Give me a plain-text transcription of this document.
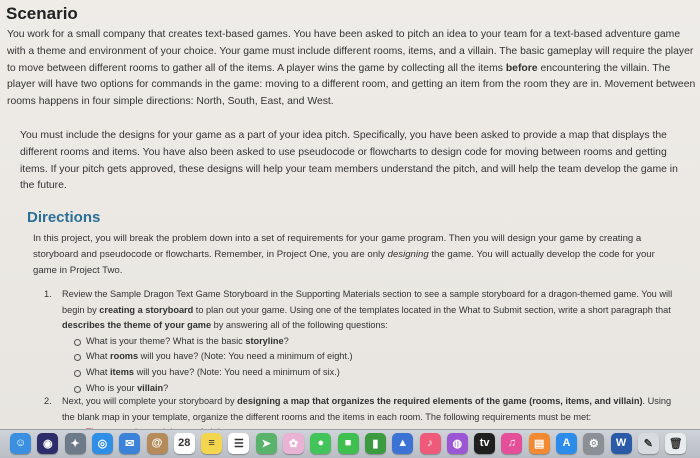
Scenario
You work for a small company that creates text-based games. You have been asked to pitch an idea to your team for a text-based adventure game with a theme and environment of your choice. Your game must include different rooms, items, and a villain. The basic gameplay will require the player to move between different rooms to gather all of the items. A player wins the game by collecting all the items before encountering the villain. The player will have two options for commands in the game: moving to a different room, and getting an item from the room they are in. Movement between rooms happens in four simple directions: North, South, East, and West.
You must include the designs for your game as a part of your idea pitch. Specifically, you have been asked to provide a map that displays the different rooms and items. You have also been asked to use pseudocode or flowcharts to design code for moving between rooms and getting items. If your pitch gets approved, these designs will help your team members understand the pitch, and will help the team develop the game in the future.
Directions
In this project, you will break the problem down into a set of requirements for your game program. Then you will design your game by creating a storyboard and pseudocode or flowcharts. Remember, in Project One, you are only designing the game. You will actually develop the code for your game in Project Two.
1. Review the Sample Dragon Text Game Storyboard in the Supporting Materials section to see a sample storyboard for a dragon-themed game. You will begin by creating a storyboard to plan out your game. Using one of the templates located in the What to Submit section, write a short paragraph that describes the theme of your game by answering all of the following questions:
What is your theme? What is the basic storyline?
What rooms will you have? (Note: You need a minimum of eight.)
What items will you have? (Note: You need a minimum of six.)
Who is your villain?
2. Next, you will complete your storyboard by designing a map that organizes the required elements of the game (rooms, items, and villain). Using the blank map in your template, organize the different rooms and the items in each room. The following requirements must be met:
☺	◉	✦	◎	✉	@	28	≡	☰	➤	✿	●	■	▮	▲	♪	◍	tv	♫	▤	A	⚙	W	✎	🗑
